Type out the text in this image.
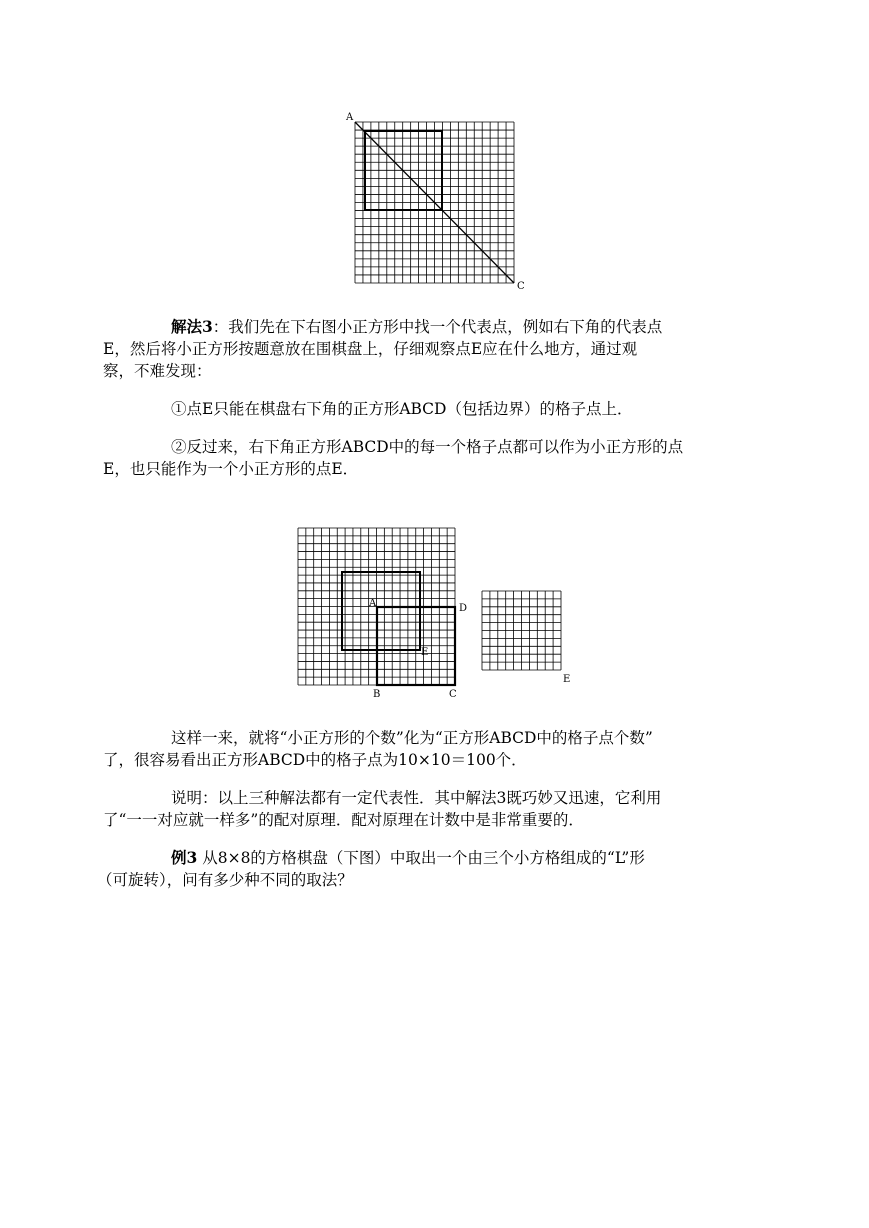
A
C

解法3：我们先在下右图小正方形中找一个代表点，例如右下角的代表点
E，然后将小正方形按题意放在围棋盘上，仔细观察点E应在什么地方，通过观
察，不难发现：

①点E只能在棋盘右下角的正方形ABCD（包括边界）的格子点上．

②反过来，右下角正方形ABCD中的每一个格子点都可以作为小正方形的点
E，也只能作为一个小正方形的点E．

A	D
E
B	C
E

这样一来，就将“小正方形的个数”化为“正方形ABCD中的格子点个数”
了，很容易看出正方形ABCD中的格子点为10×10＝100个．

说明：以上三种解法都有一定代表性．其中解法3既巧妙又迅速，它利用
了“一一对应就一样多”的配对原理．配对原理在计数中是非常重要的．

例3 从8×8的方格棋盘（下图）中取出一个由三个小方格组成的“L”形
（可旋转），问有多少种不同的取法？
